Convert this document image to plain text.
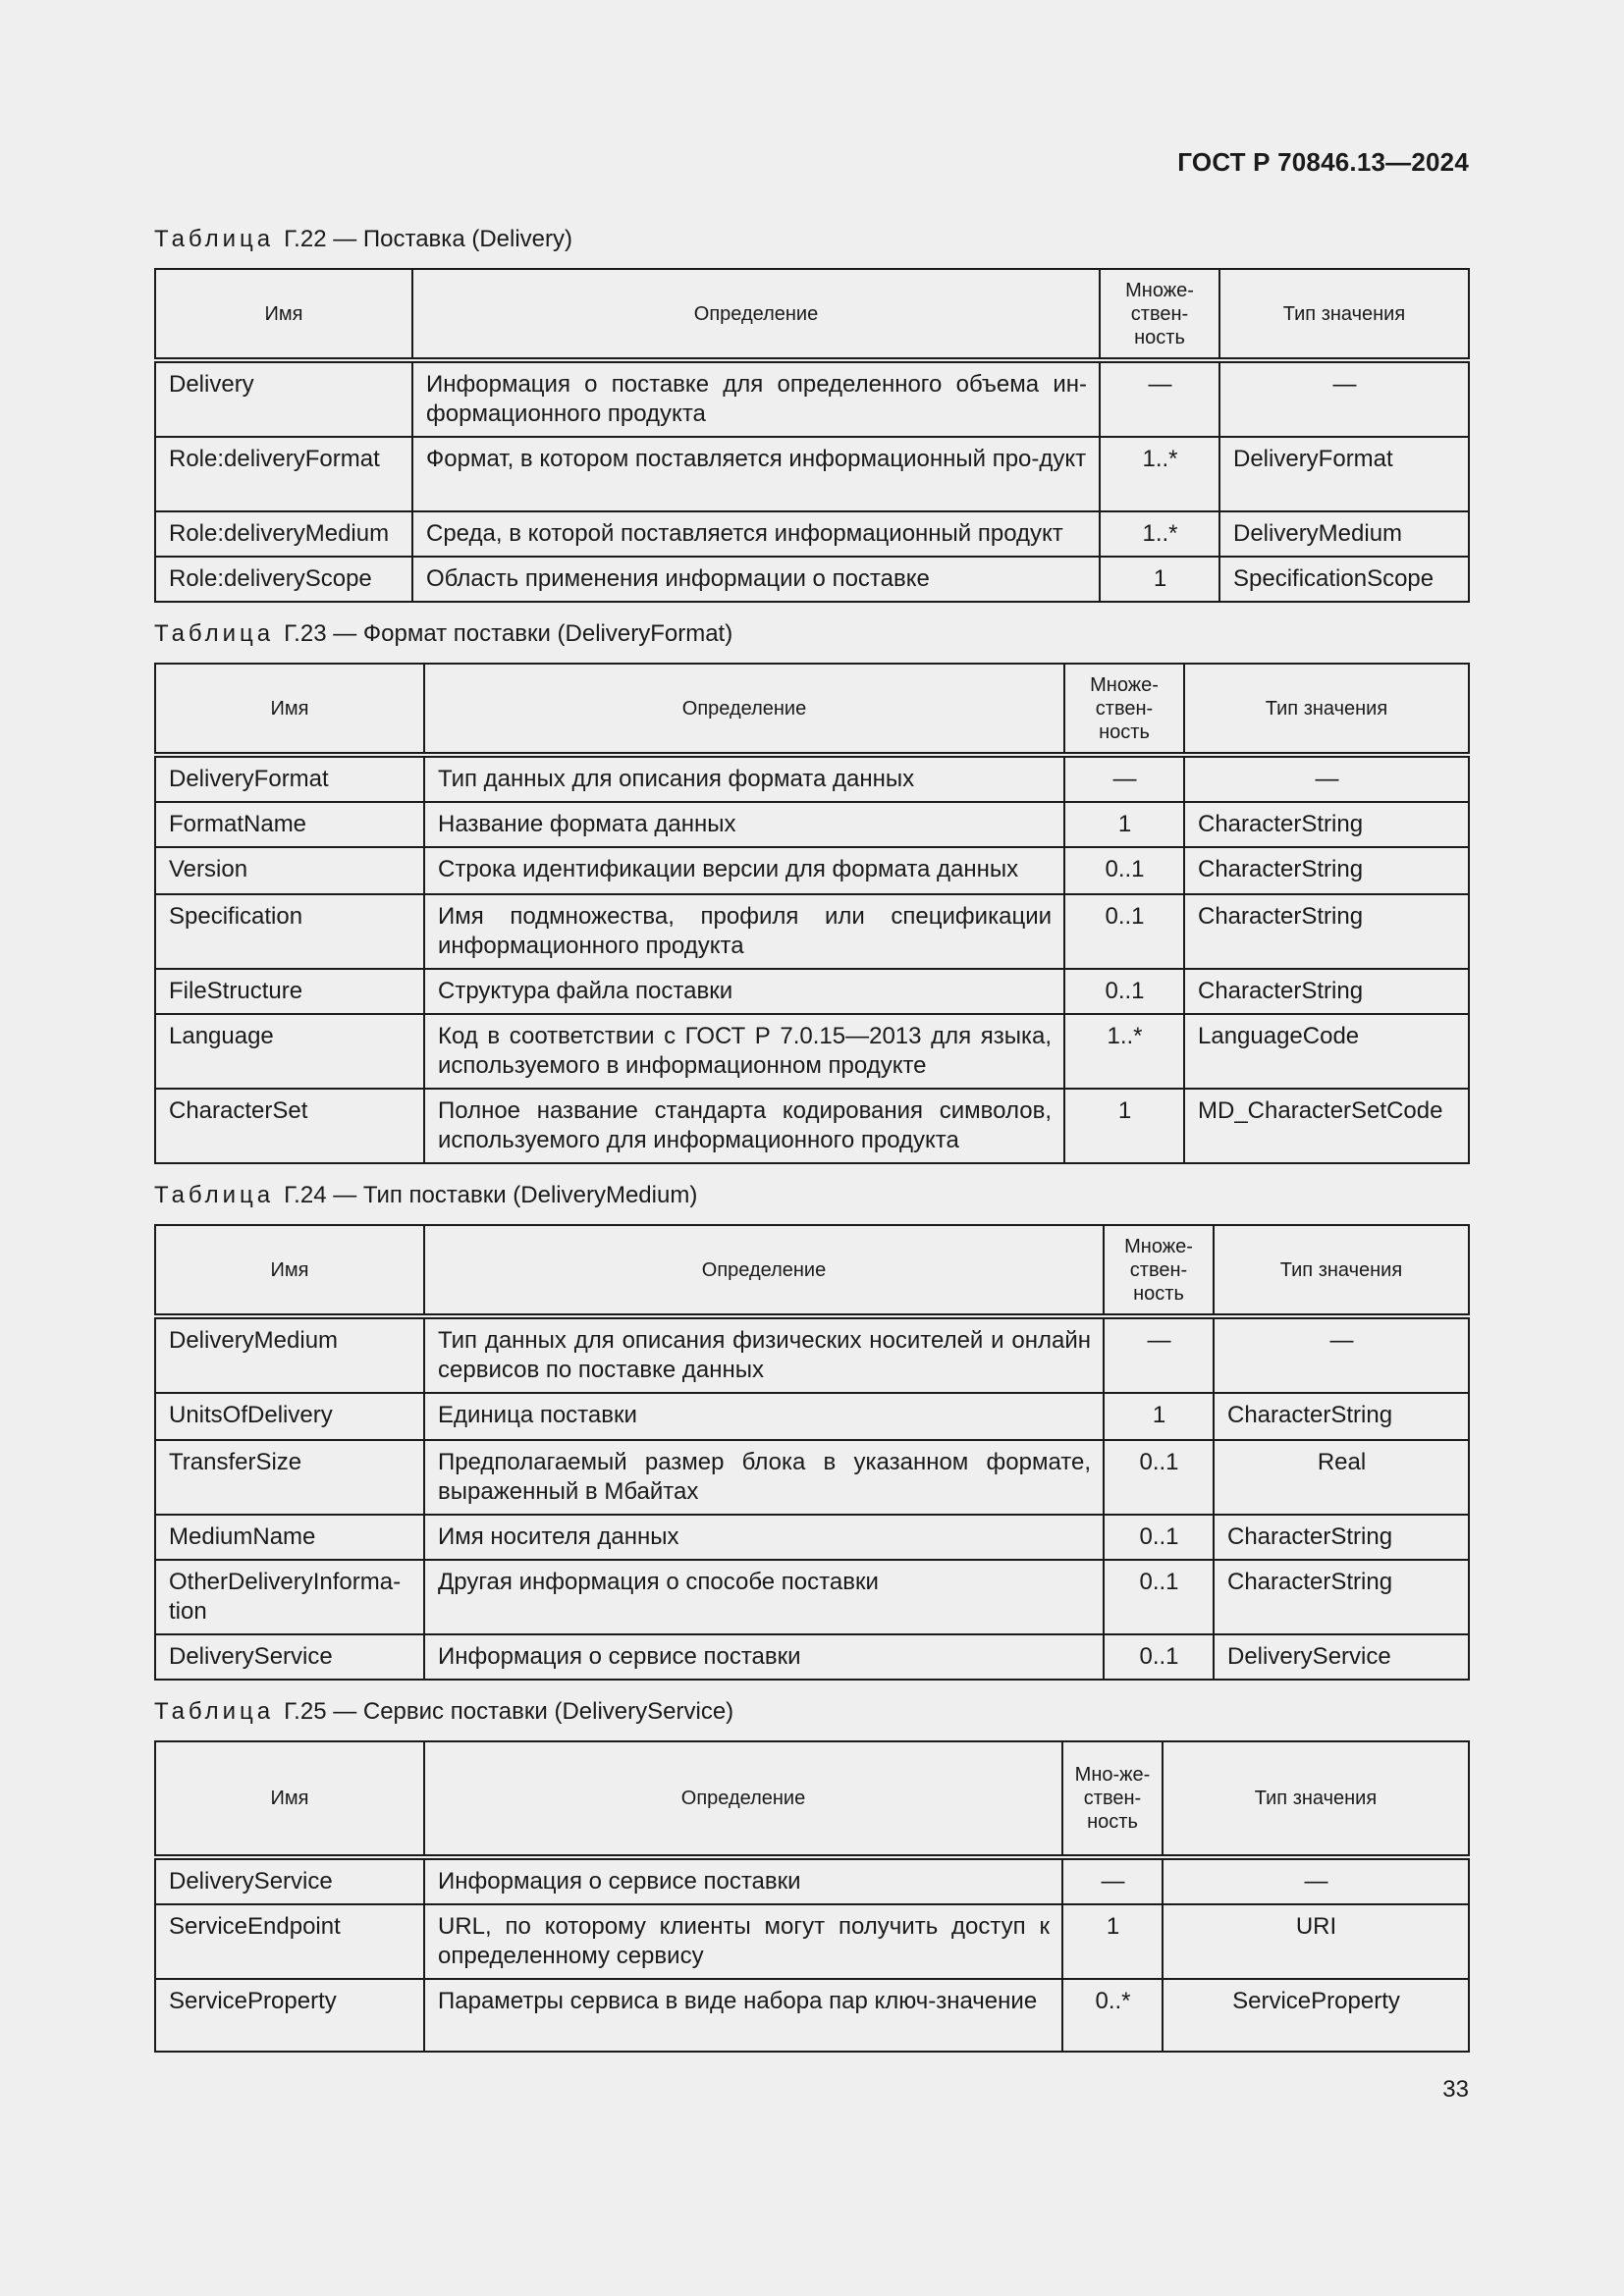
ГОСТ Р 70846.13—2024
33
Таблица Г.22 — Поставка (Delivery)
Имя	Определение	Множе-ствен-ность	Тип значения
Delivery	Информация о поставке для определенного объема ин-формационного продукта	—	—
Role:deliveryFormat	Формат, в котором поставляется информационный про-дукт	1..*	DeliveryFormat
Role:deliveryMedium	Среда, в которой поставляется информационный продукт	1..*	DeliveryMedium
Role:deliveryScope	Область применения информации о поставке	1	SpecificationScope
Таблица Г.23 — Формат поставки (DeliveryFormat)
Имя	Определение	Множе-ствен-ность	Тип значения
DeliveryFormat	Тип данных для описания формата данных	—	—
FormatName	Название формата данных	1	CharacterString
Version	Строка идентификации версии для формата данных	0..1	CharacterString
Specification	Имя подмножества, профиля или спецификации информационного продукта	0..1	CharacterString
FileStructure	Структура файла поставки	0..1	CharacterString
Language	Код в соответствии с ГОСТ Р 7.0.15—2013 для языка, используемого в информационном продукте	1..*	LanguageCode
CharacterSet	Полное название стандарта кодирования символов, используемого для информационного продукта	1	MD_CharacterSetCode
Таблица Г.24 — Тип поставки (DeliveryMedium)
Имя	Определение	Множе-ствен-ность	Тип значения
DeliveryMedium	Тип данных для описания физических носителей и онлайн сервисов по поставке данных	—	—
UnitsOfDelivery	Единица поставки	1	CharacterString
TransferSize	Предполагаемый размер блока в указанном формате, выраженный в Мбайтах	0..1	Real
MediumName	Имя носителя данных	0..1	CharacterString
OtherDeliveryInforma-tion	Другая информация о способе поставки	0..1	CharacterString
DeliveryService	Информация о сервисе поставки	0..1	DeliveryService
Таблица Г.25 — Сервис поставки (DeliveryService)
Имя	Определение	Мно-же-ствен-ность	Тип значения
DeliveryService	Информация о сервисе поставки	—	—
ServiceEndpoint	URL, по которому клиенты могут получить доступ к определенному сервису	1	URI
ServiceProperty	Параметры сервиса в виде набора пар ключ-значение	0..*	ServiceProperty
